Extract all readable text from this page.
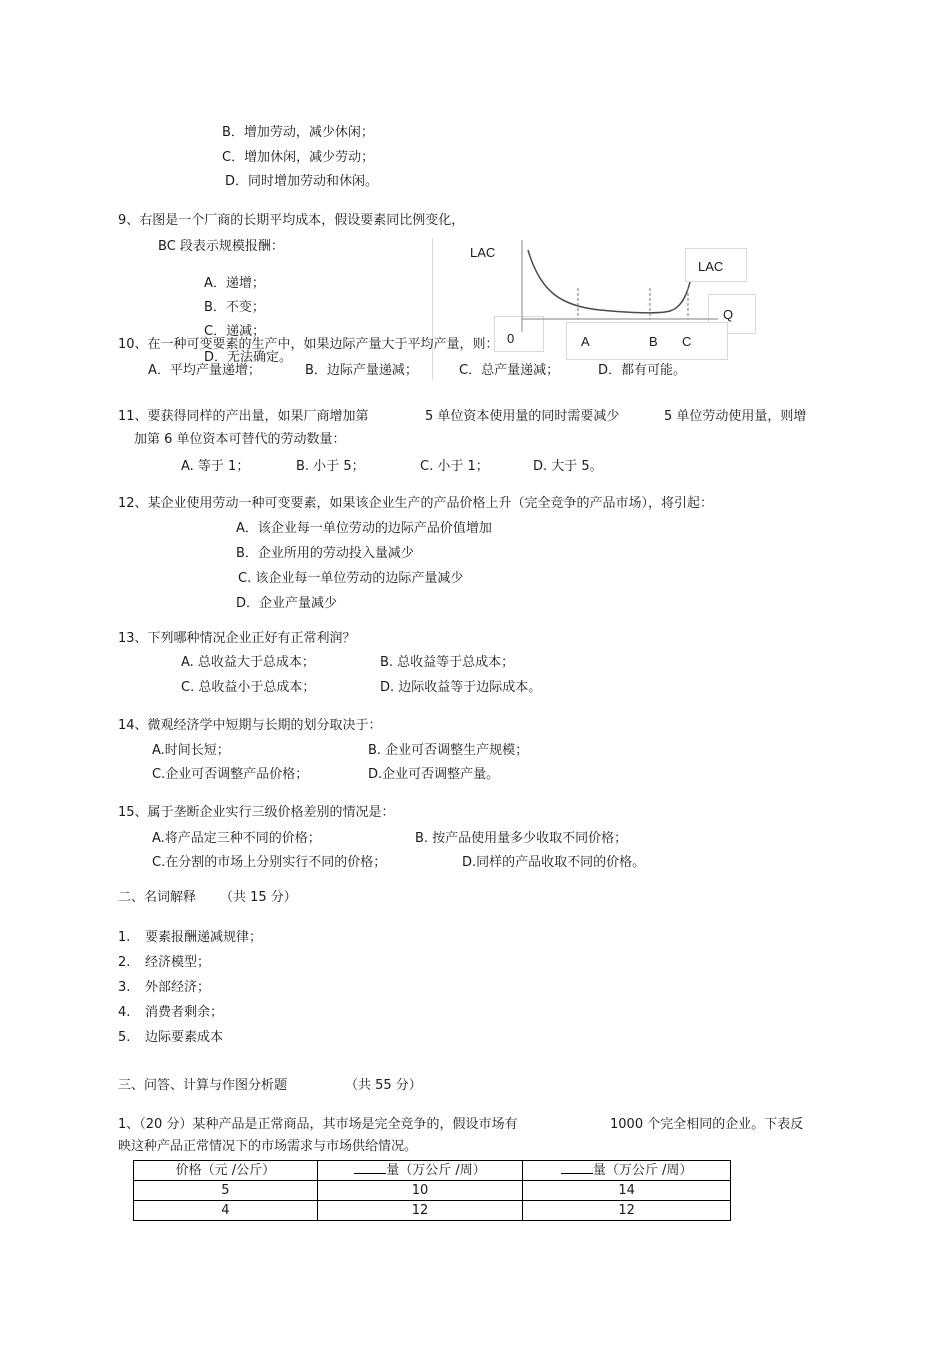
B．增加劳动，减少休闲；
C．增加休闲，减少劳动；
D．同时增加劳动和休闲。
9、右图是一个厂商的长期平均成本，假设要素同比例变化，
BC 段表示规模报酬：
A．递增；
B．不变；
C．递减；
D．无法确定。
LAC
LAC
Q
0	A	B C
10、在一种可变要素的生产中，如果边际产量大于平均产量，则：
A．平均产量递增；	B．边际产量递减；	C．总产量递减；	D．都有可能。
11、要获得同样的产出量，如果厂商增加第	5 单位资本使用量的同时需要减少	5 单位劳动使用量，则增
加第 6 单位资本可替代的劳动数量：
A. 等于 1；	B. 小于 5；	C. 小于 1；	D. 大于 5。
12、某企业使用劳动一种可变要素，如果该企业生产的产品价格上升（完全竞争的产品市场），将引起：
A．该企业每一单位劳动的边际产品价值增加
B．企业所用的劳动投入量减少
C. 该企业每一单位劳动的边际产量减少
D．企业产量减少
13、下列哪种情况企业正好有正常利润？
A. 总收益大于总成本；	B. 总收益等于总成本；
C. 总收益小于总成本；	D. 边际收益等于边际成本。
14、微观经济学中短期与长期的划分取决于：
A.时间长短；	B. 企业可否调整生产规模；
C.企业可否调整产品价格；	D.企业可否调整产量。
15、属于垄断企业实行三级价格差别的情况是：
A.将产品定三种不同的价格；	B. 按产品使用量多少收取不同价格；
C.在分割的市场上分别实行不同的价格；	D.同样的产品收取不同的价格。
二、名词解释 （共 15 分）
1. 要素报酬递减规律；
2. 经济模型；
3. 外部经济；
4. 消费者剩余；
5. 边际要素成本
三、问答、计算与作图分析题	（共 55 分）
1、（20 分）某种产品是正常商品，其市场是完全竞争的，假设市场有	1000 个完全相同的企业。下表反
映这种产品正常情况下的市场需求与市场供给情况。
价格（元 /公斤）	量（万公斤 /周）	量（万公斤 /周）
5	10	14
4	12	12
